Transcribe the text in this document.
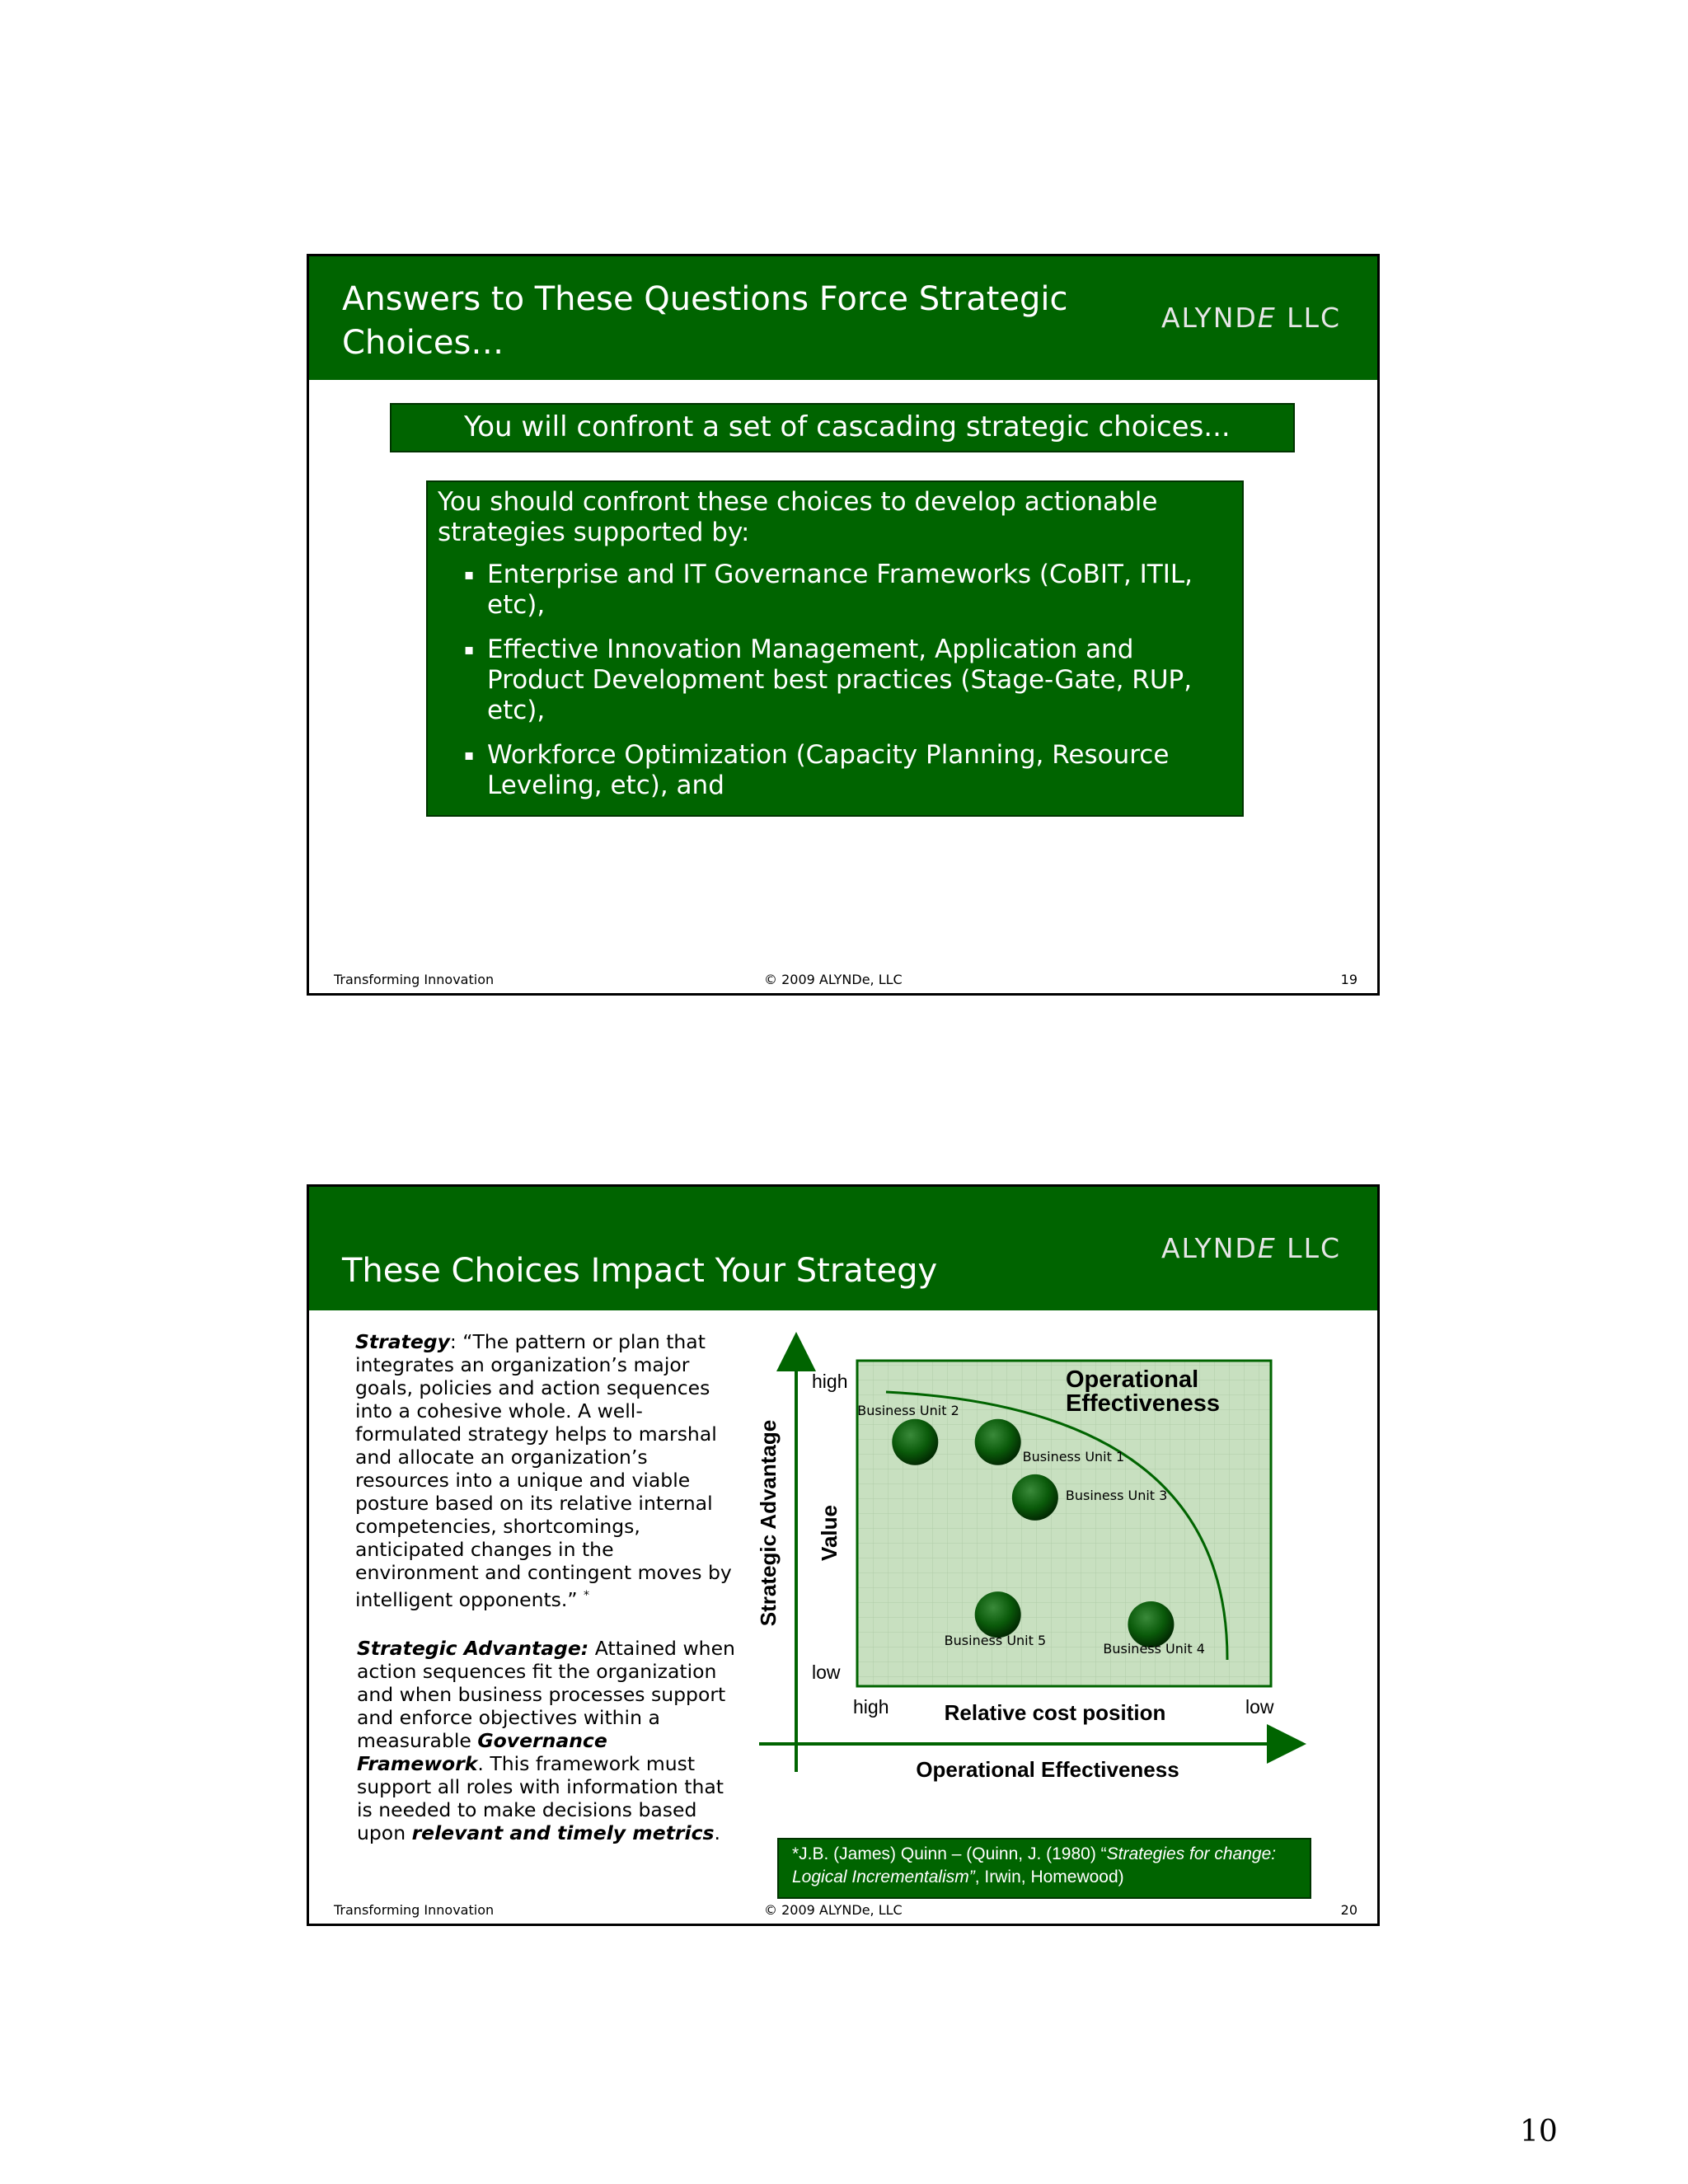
Answers to These Questions Force Strategic Choices…
ALYNDE LLC
You will confront a set of cascading strategic choices...
You should confront these choices to develop actionable strategies supported by:
▪ Enterprise and IT Governance Frameworks (CoBIT, ITIL, etc),
▪ Effective Innovation Management, Application and Product Development best practices (Stage-Gate, RUP, etc),
▪ Workforce Optimization (Capacity Planning, Resource Leveling, etc), and
▪ Project and Product Portfolio Management Best Practices
Transforming Innovation	© 2009 ALYNDe, LLC	19
These Choices Impact Your Strategy
ALYNDE LLC

Strategy: “The pattern or plan that integrates an organization’s major goals, policies and action sequences into a cohesive whole. A well-formulated strategy helps to marshal and allocate an organization’s resources into a unique and viable posture based on its relative internal competencies, shortcomings, anticipated changes in the environment and contingent moves by intelligent opponents.” *

Strategic Advantage: Attained when action sequences fit the organization and when business processes support and enforce objectives within a measurable Governance Framework. This framework must support all roles with information that is needed to make decisions based upon relevant and timely metrics.
Business Unit 2
Business Unit 1
Business Unit 3
Business Unit 5
Business Unit 4
high
low
high	low
Relative cost position
Operational Effectiveness
Value
Strategic Advantage
Operational Effectiveness
*J.B. (James) Quinn – (Quinn, J. (1980) “Strategies for change: Logical Incrementalism”, Irwin, Homewood)
Transforming Innovation	© 2009 ALYNDe, LLC	20
10
